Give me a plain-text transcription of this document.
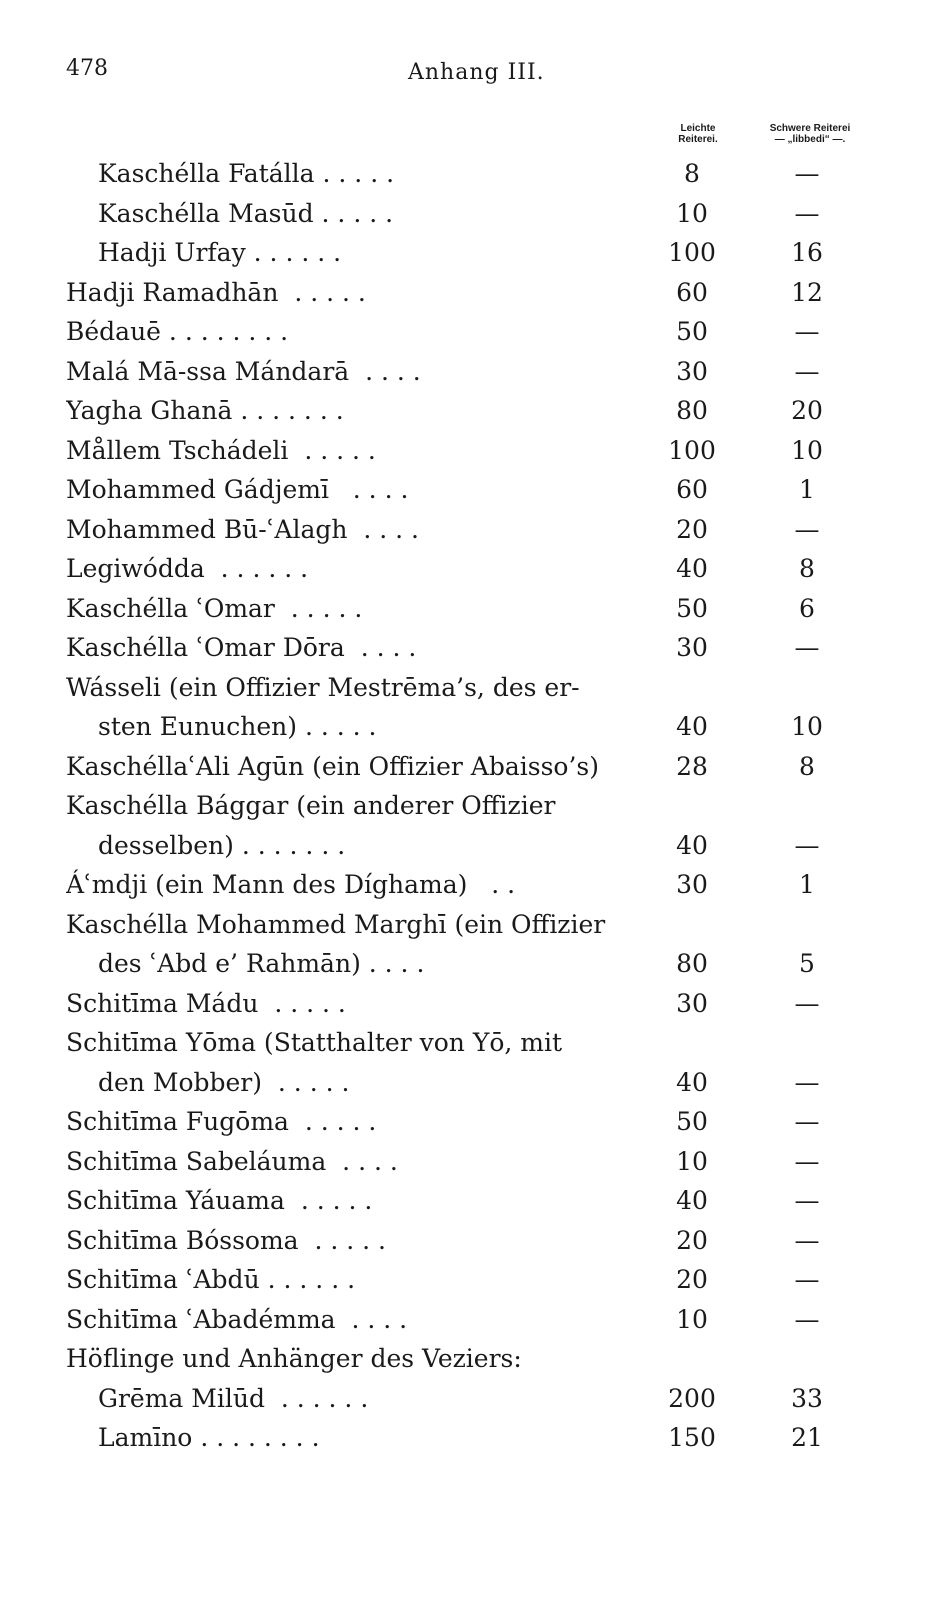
478	Anhang III.
Leichte
Reiterei.
Schwere Reiterei
— „libbedi“ —.
Kaschélla Fatálla . . . . .	8	—
Kaschélla Masūd . . . . .	10	—
Hadji Urfay . . . . . .	100	16
Hadji Ramadhān  . . . . .	60	12
Bédauē . . . . . . . .	50	—
Malá Mā-ssa Mándarā  . . . .	30	—
Yagha Ghanā . . . . . . .	80	20
Mållem Tschádeli  . . . . .	100	10
Mohammed Gádjemī   . . . .	60	1
Mohammed Bū-ʿAlagh  . . . .	20	—
Legiwódda  . . . . . .	40	8
Kaschélla ʿOmar  . . . . .	50	6
Kaschélla ʿOmar Dōra  . . . .	30	—
Wásseli (ein Offizier Mestrēma’s, des er-
sten Eunuchen) . . . . .	40	10
KaschéllaʿAli Agūn (ein Offizier Abaisso’s)	28	8
Kaschélla Bággar (ein anderer Offizier
desselben) . . . . . . .	40	—
Áʿmdji (ein Mann des Díghama)   . .	30	1
Kaschélla Mohammed Marghī (ein Offizier
des ʿAbd e’ Rahmān) . . . .	80	5
Schitīma Mádu  . . . . .	30	—
Schitīma Yōma (Statthalter von Yō, mit
den Mobber)  . . . . .	40	—
Schitīma Fugōma  . . . . .	50	—
Schitīma Sabeláuma  . . . .	10	—
Schitīma Yáuama  . . . . .	40	—
Schitīma Bóssoma  . . . . .	20	—
Schitīma ʿAbdū . . . . . .	20	—
Schitīma ʿAbadémma  . . . .	10	—
Höflinge und Anhänger des Veziers:
Grēma Milūd  . . . . . .	200	33
Lamīno . . . . . . . .	150	21
